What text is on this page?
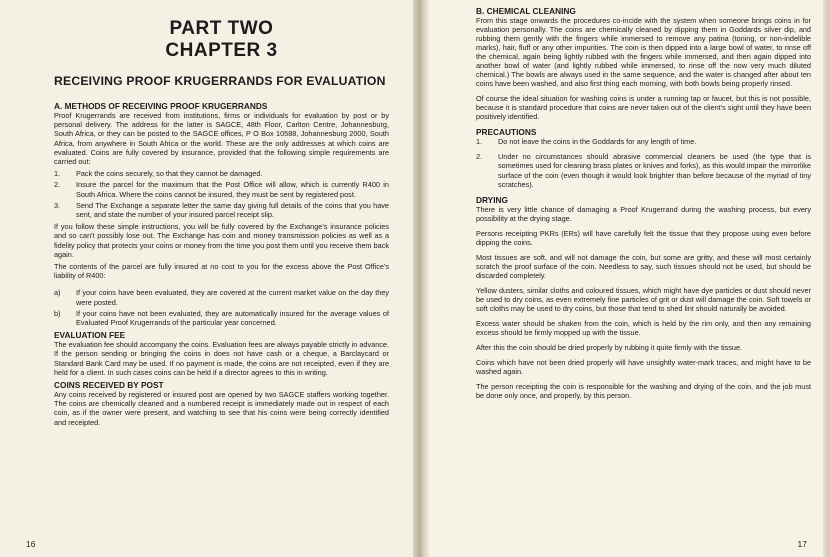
PART TWO
CHAPTER 3
RECEIVING PROOF KRUGERRANDS FOR EVALUATION
A. METHODS OF RECEIVING PROOF KRUGERRANDS

Proof Krugerrands are received from institutions, firms or individuals for evaluation by post or by personal delivery. The address for the latter is SAGCE, 48th Floor, Carlton Centre, Johannesburg, South Africa, or they can be posted to the SAGCE offices, P O Box 10588, Johannesburg 2000, South Africa, from anywhere in South Africa or the world. These are the only addresses at which coins are evaluated. Coins are fully covered by insurance, provided that the following simple requirements are carried out:

1.	Pack the coins securely, so that they cannot be damaged.
2.	Insure the parcel for the maximum that the Post Office will allow, which is currently R400 in South Africa. Where the coins cannot be insured, they must be sent by registered post.
3.	Send The Exchange a separate letter the same day giving full details of the coins that you have sent, and state the number of your insured parcel receipt slip.

If you follow these simple instructions, you will be fully covered by the Exchange's insurance policies and so can't possibly lose out. The Exchange has coin and money transmission policies as well as a fidelity policy that protects your coins or money from the time you post them until you receive them back again.

The contents of the parcel are fully insured at no cost to you for the excess above the Post Office's liability of R400:

a)	If your coins have been evaluated, they are covered at the current market value on the day they were posted.
b)	If your coins have not been evaluated, they are automatically insured for the average values of Evaluated Proof Krugerrands of the particular year concerned.
EVALUATION FEE

The evaluation fee should accompany the coins. Evaluation fees are always payable strictly in advance. If the person sending or bringing the coins in does not have cash or a cheque, a Barclaycard or Standard Bank Card may be used. If no payment is made, the coins are not receipted, even if they are held for a client. In such cases coins can be held if a director agrees to this in writing.

COINS RECEIVED BY POST

Any coins received by registered or insured post are opened by two SAGCE staffers working together. The coins are chemically cleaned and a numbered receipt is immediately made out in respect of each coin, as if the owner were present, and watching to see that his coins were being correctly identified and receipted.

16
B. CHEMICAL CLEANING

From this stage onwards the procedures co-incide with the system when someone brings coins in for evaluation personally. The coins are chemically cleaned by dipping them in Goddards silver dip, and rubbing them gently with the fingers while immersed to remove any patina (toning, or non-indelible marks), hair, fluff or any other impurities. The coin is then dipped into a large bowl of water, to rinse off the chemical, again being lightly rubbed with the fingers while immersed, and then again dipped into another bowl of water (and lightly rubbed while immersed, to rinse off the now very much diluted chemical.) The bowls are always used in the same sequence, and the water is changed after about ten coins have been washed, and also first thing each morning, with both bowls being properly rinsed.

Of course the ideal situation for washing coins is under a running tap or faucet, but this is not possible, because it is standard procedure that coins are never taken out of the client's sight until they have been positively identified.

PRECAUTIONS
1.	Do not leave the coins in the Goddards for any length of time.
2.	Under no circumstances should abrasive commercial cleaners be used (the type that is sometimes used for cleaning brass plates or knives and forks), as this would impair the mirrorlike surface of the coin (even though it would look brighter than before because of the myriad of tiny scratches).
DRYING

There is very little chance of damaging a Proof Krugerrand during the washing process, but every possibility at the drying stage.

Persons receipting PKRs (ERs) will have carefully felt the tissue that they propose using even before dipping the coins.

Most tissues are soft, and will not damage the coin, but some are gritty, and these will most certainly scratch the proof surface of the coin. Needless to say, such tissues should not be used, but should be discarded completely.

Yellow dusters, similar cloths and coloured tissues, which might have dye particles or dust should never be used to dry coins, as even extremely fine particles of grit or dust will damage the coin. Soft towels or soft cloths may be used to dry coins, but those that tend to shed lint should naturally be avoided.

Excess water should be shaken from the coin, which is held by the rim only, and then any remaining excess should be firmly mopped up with the tissue.

After this the coin should be dried properly by rubbing it quite firmly with the tissue.

Coins which have not been dried properly will have unsightly water-mark traces, and might have to be washed again.

The person receipting the coin is responsible for the washing and drying of the coin, and the job must be done only once, and properly, by this person.

17
